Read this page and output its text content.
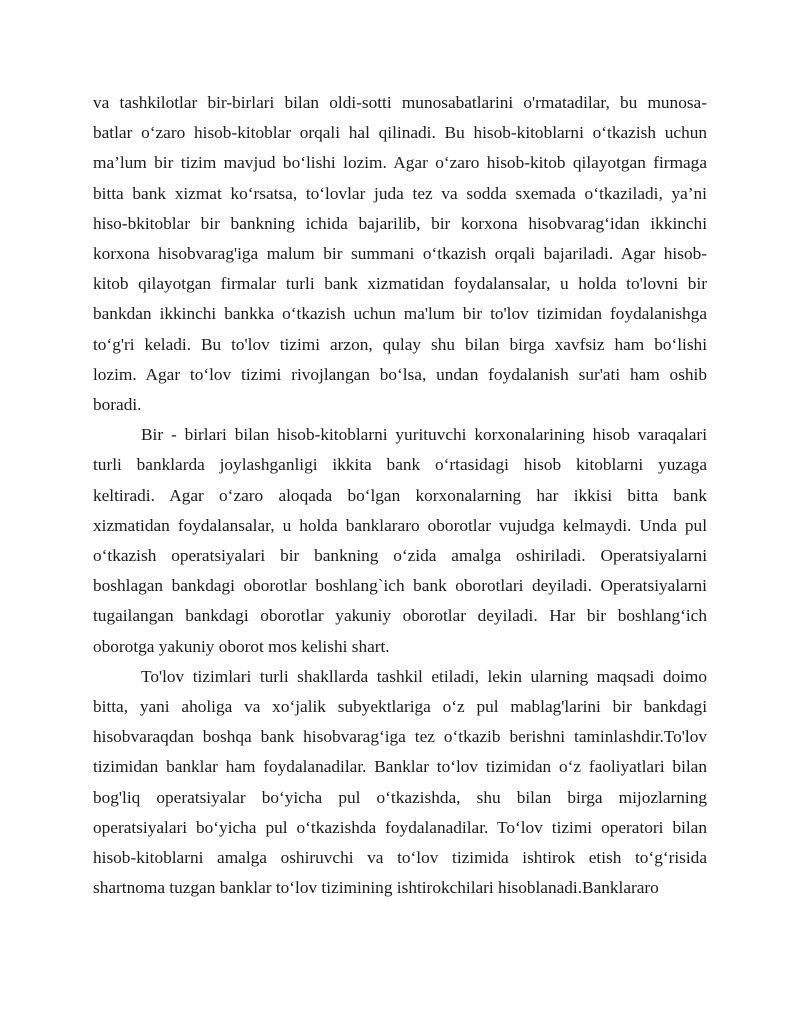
va tashkilotlar bir-birlari bilan oldi-sotti munosabatlarini o'rmatadilar, bu munosa-
batlar o‘zaro hisob-kitoblar orqali hal qilinadi. Bu hisob-kitoblarni o‘tkazish uchun
ma’lum bir tizim mavjud bo‘lishi lozim. Agar o‘zaro hisob-kitob qilayotgan firmaga
bitta bank xizmat ko‘rsatsa, to‘lovlar juda tez va sodda sxemada o‘tkaziladi, ya’ni
hiso-bkitoblar bir bankning ichida bajarilib, bir korxona hisobvarag‘idan ikkinchi
korxona hisobvarag'iga malum bir summani o‘tkazish orqali bajariladi. Agar hisob-
kitob qilayotgan firmalar turli bank xizmatidan foydalansalar, u holda to'lovni bir
bankdan ikkinchi bankka o‘tkazish uchun ma'lum bir to'lov tizimidan foydalanishga
to‘g'ri keladi. Bu to'lov tizimi arzon, qulay shu bilan birga xavfsiz ham bo‘lishi
lozim. Agar to‘lov tizimi rivojlangan bo‘lsa, undan foydalanish sur'ati ham oshib
boradi.
Bir - birlari bilan hisob-kitoblarni yurituvchi korxonalarining hisob varaqalari
turli banklarda joylashganligi ikkita bank o‘rtasidagi hisob kitoblarni yuzaga
keltiradi. Agar o‘zaro aloqada bo‘lgan korxonalarning har ikkisi bitta bank
xizmatidan foydalansalar, u holda banklararo oborotlar vujudga kelmaydi. Unda pul
o‘tkazish operatsiyalari bir bankning o‘zida amalga oshiriladi. Operatsiyalarni
boshlagan bankdagi oborotlar boshlang`ich bank oborotlari deyiladi. Operatsiyalarni
tugailangan bankdagi oborotlar yakuniy oborotlar deyiladi. Har bir boshlang‘ich
oborotga yakuniy oborot mos kelishi shart.
To'lov tizimlari turli shakllarda tashkil etiladi, lekin ularning maqsadi doimo
bitta, yani aholiga va xo‘jalik subyektlariga o‘z pul mablag'larini bir bankdagi
hisobvaraqdan boshqa bank hisobvarag‘iga tez o‘tkazib berishni taminlashdir.To'lov
tizimidan banklar ham foydalanadilar. Banklar to‘lov tizimidan o‘z faoliyatlari bilan
bog'liq operatsiyalar bo‘yicha pul o‘tkazishda, shu bilan birga mijozlarning
operatsiyalari bo‘yicha pul o‘tkazishda foydalanadilar. To‘lov tizimi operatori bilan
hisob-kitoblarni amalga oshiruvchi va to‘lov tizimida ishtirok etish to‘g‘risida
shartnoma tuzgan banklar to‘lov tizimining ishtirokchilari hisoblanadi.Banklararo
